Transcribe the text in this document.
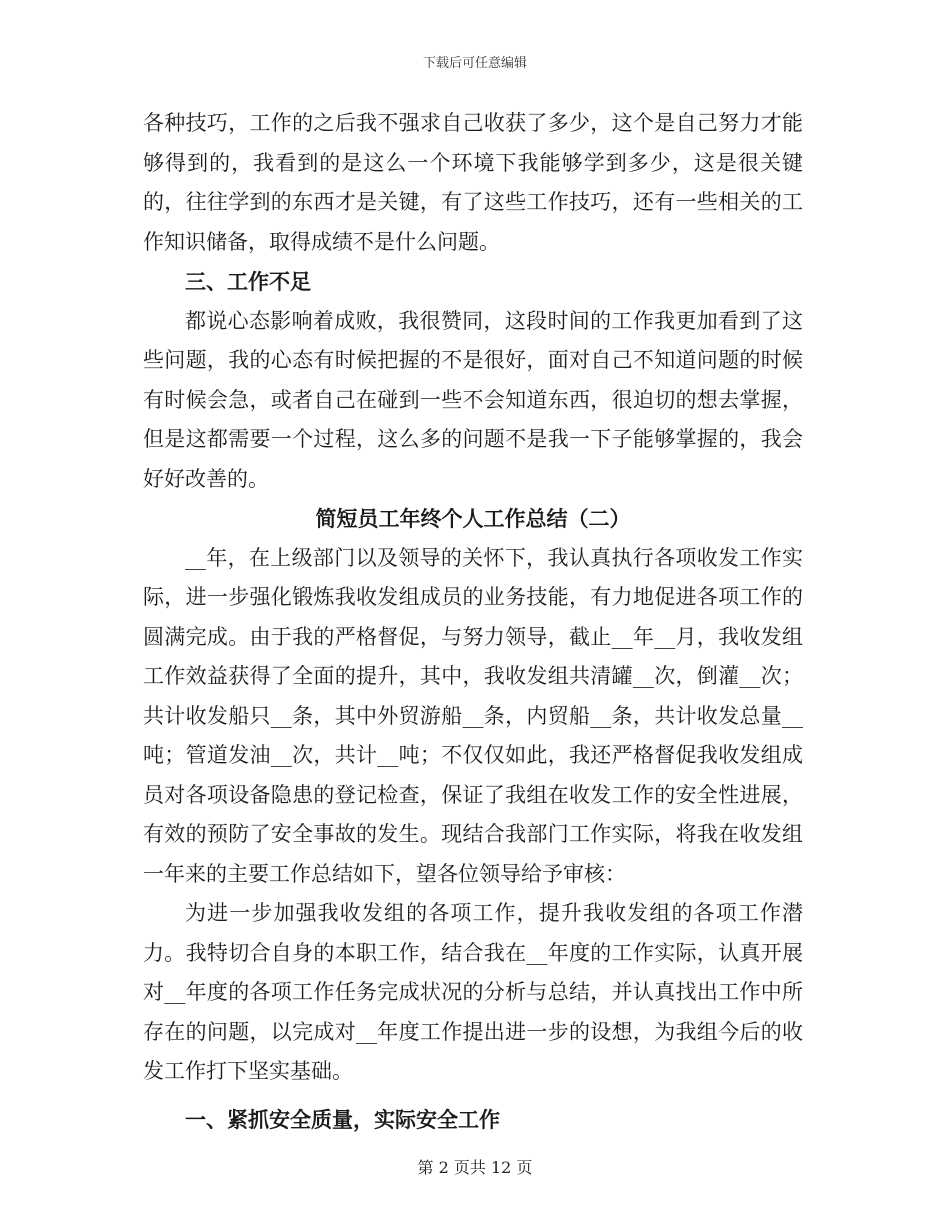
下载后可任意编辑

各种技巧，工作的之后我不强求自己收获了多少，这个是自己努力才能够得到的，我看到的是这么一个环境下我能够学到多少，这是很关键的，往往学到的东西才是关键，有了这些工作技巧，还有一些相关的工作知识储备，取得成绩不是什么问题。

三、工作不足

都说心态影响着成败，我很赞同，这段时间的工作我更加看到了这些问题，我的心态有时候把握的不是很好，面对自己不知道问题的时候有时候会急，或者自己在碰到一些不会知道东西，很迫切的想去掌握，但是这都需要一个过程，这么多的问题不是我一下子能够掌握的，我会好好改善的。

简短员工年终个人工作总结（二）

__年，在上级部门以及领导的关怀下，我认真执行各项收发工作实际，进一步强化锻炼我收发组成员的业务技能，有力地促进各项工作的圆满完成。由于我的严格督促，与努力领导，截止__年__月，我收发组工作效益获得了全面的提升，其中，我收发组共清罐__次，倒灌__次；共计收发船只__条，其中外贸游船__条，内贸船__条，共计收发总量__吨；管道发油__次，共计__吨；不仅仅如此，我还严格督促我收发组成员对各项设备隐患的登记检查，保证了我组在收发工作的安全性进展，有效的预防了安全事故的发生。现结合我部门工作实际，将我在收发组一年来的主要工作总结如下，望各位领导给予审核：

为进一步加强我收发组的各项工作，提升我收发组的各项工作潜力。我特切合自身的本职工作，结合我在__年度的工作实际，认真开展对__年度的各项工作任务完成状况的分析与总结，并认真找出工作中所存在的问题，以完成对__年度工作提出进一步的设想，为我组今后的收发工作打下坚实基础。

一、紧抓安全质量，实际安全工作

第 2 页共 12 页
